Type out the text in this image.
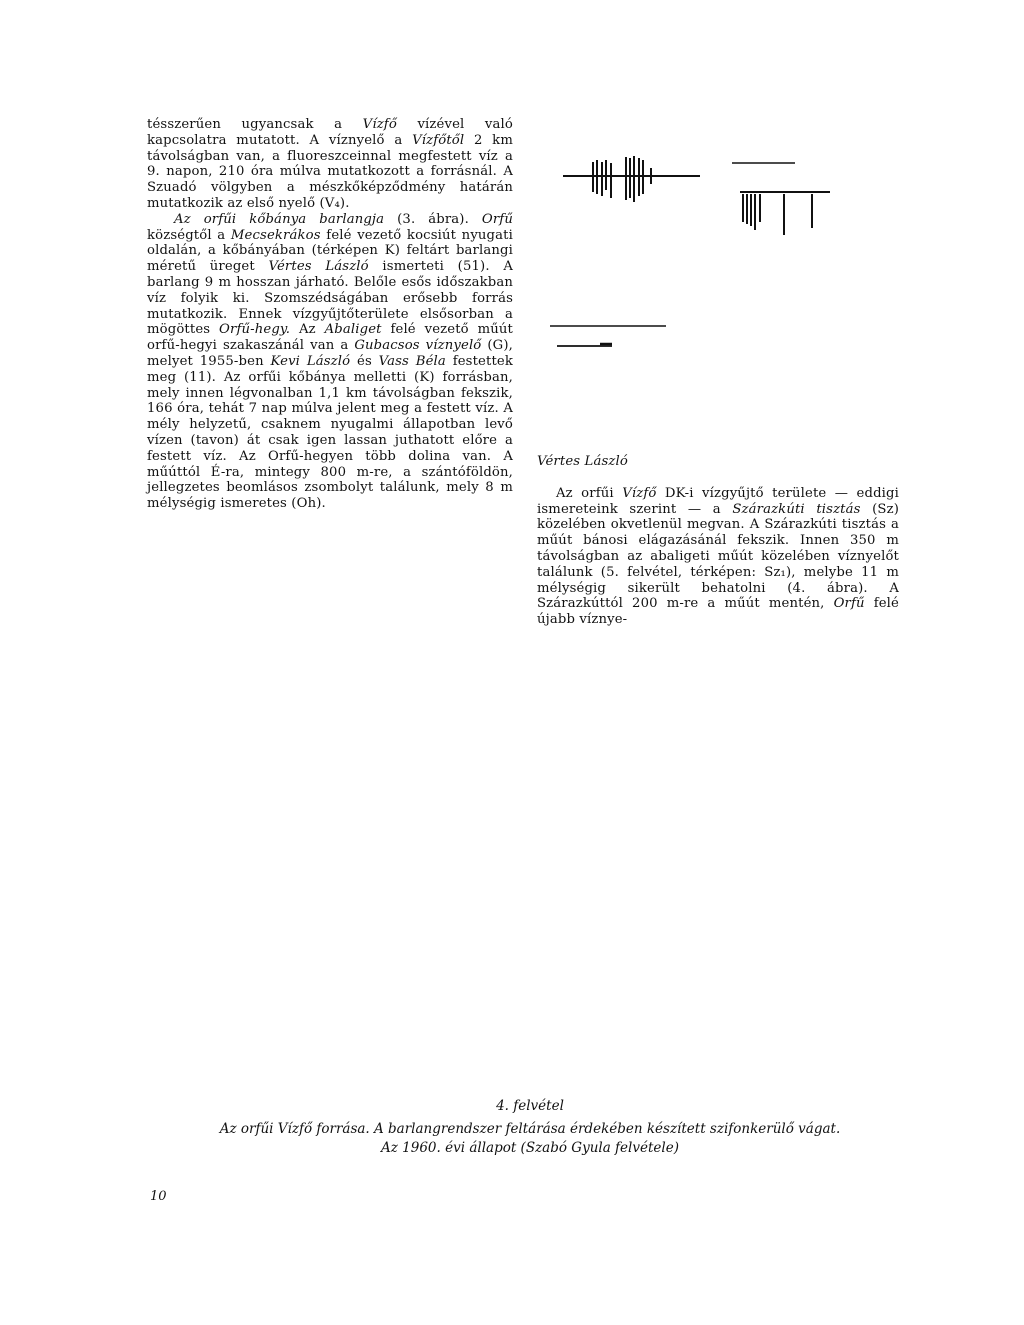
tésszerűen ugyancsak a Vízfő vízével való kapcsolatra mutatott. A víznyelő a Vízfőtől 2 km távolságban van, a fluoreszceinnal megfestett víz a 9. napon, 210 óra múlva mutatkozott a forrásnál. A Szuadó völgyben a mészkőképződmény határán mutatkozik az első nyelő (V₄).

Az orfűi kőbánya barlangja (3. ábra). Orfű községtől a Mecsekrákos felé vezető kocsiút nyugati oldalán, a kőbányában (térképen K) feltárt barlangi méretű üreget Vértes László ismerteti (51). A barlang 9 m hosszan járható. Belőle esős időszakban víz folyik ki. Szomszédságában erősebb forrás mutatkozik. Ennek vízgyűjtőterülete elsősorban a mögöttes Orfű-hegy. Az Abaliget felé vezető műút orfű-hegyi szakaszánál van a Gubacsos víznyelő (G), melyet 1955-ben Kevi László és Vass Béla festettek meg (11). Az orfűi kőbánya melletti (K) forrásban, mely innen légvonalban 1,1 km távolságban fekszik, 166 óra, tehát 7 nap múlva jelent meg a festett víz. A mély helyzetű, csaknem nyugalmi állapotban levő vízen (tavon) át csak igen lassan juthatott előre a festett víz. Az Orfű-hegyen több dolina van. A műúttól É-ra, mintegy 800 m-re, a szántóföldön, jellegzetes beomlásos zsombolyt találunk, mely 8 m mélységig ismeretes (Oh).

Vértes László

Az orfűi Vízfő DK-i vízgyűjtő területe — eddigi ismereteink szerint — a Szárazkúti tisztás (Sz) közelében okvetlenül megvan. A Szárazkúti tisztás a műút bánosi elágazásánál fekszik. Innen 350 m távolságban az abaligeti műút közelében víznyelőt találunk (5. felvétel, térképen: Sz₁), melybe 11 m mélységig sikerült behatolni (4. ábra). A Szárazkúttól 200 m-re a műút mentén, Orfű felé újabb víznye-

4. felvétel
Az orfűi Vízfő forrása. A barlangrendszer feltárása érdekében készített szifonkerülő vágat.
Az 1960. évi állapot (Szabó Gyula felvétele)
10
